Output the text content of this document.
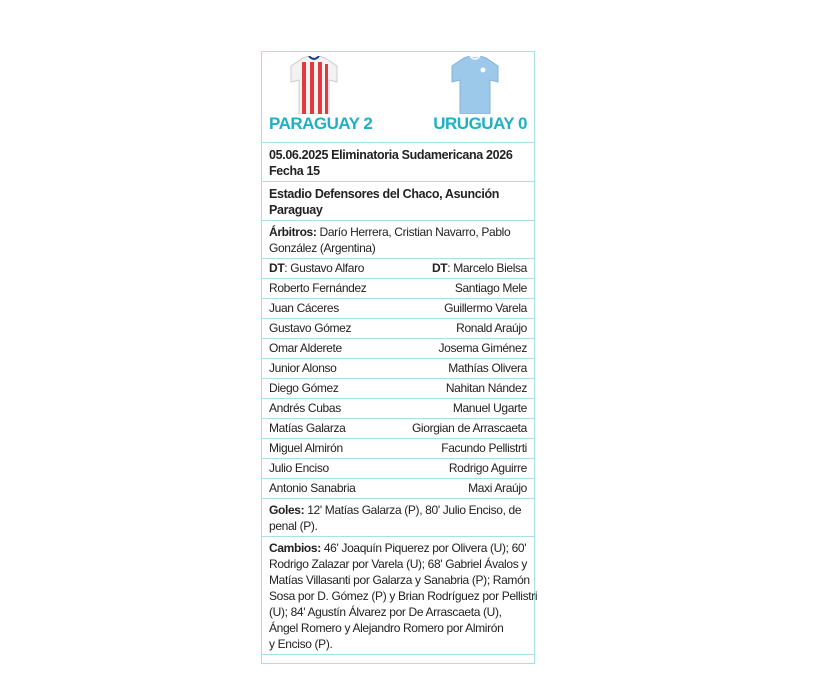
PARAGUAY 2	URUGUAY 0
05.06.2025 Eliminatoria Sudamericana 2026
Fecha 15
Estadio Defensores del Chaco, Asunción
Paraguay
Árbitros: Darío Herrera, Cristian Navarro, Pablo
González (Argentina)
DT: Gustavo Alfaro	DT: Marcelo Bielsa
Roberto Fernández	Santiago Mele
Juan Cáceres	Guillermo Varela
Gustavo Gómez	Ronald Araújo
Omar Alderete	Josema Giménez
Junior Alonso	Mathías Olivera
Diego Gómez	Nahitan Nández
Andrés Cubas	Manuel Ugarte
Matías Galarza	Giorgian de Arrascaeta
Miguel Almirón	Facundo Pellistrti
Julio Enciso	Rodrigo Aguirre
Antonio Sanabria	Maxi Araújo
Goles: 12' Matías Galarza (P), 80' Julio Enciso, de
penal (P).
Cambios: 46' Joaquín Piquerez por Olivera (U); 60'
Rodrigo Zalazar por Varela (U); 68' Gabriel Ávalos y
Matías Villasanti por Galarza y Sanabria (P); Ramón
Sosa por D. Gómez (P) y Brian Rodríguez por Pellistri
(U); 84' Agustín Álvarez por De Arrascaeta (U),
Ángel Romero y Alejandro Romero por Almirón
y Enciso (P).
